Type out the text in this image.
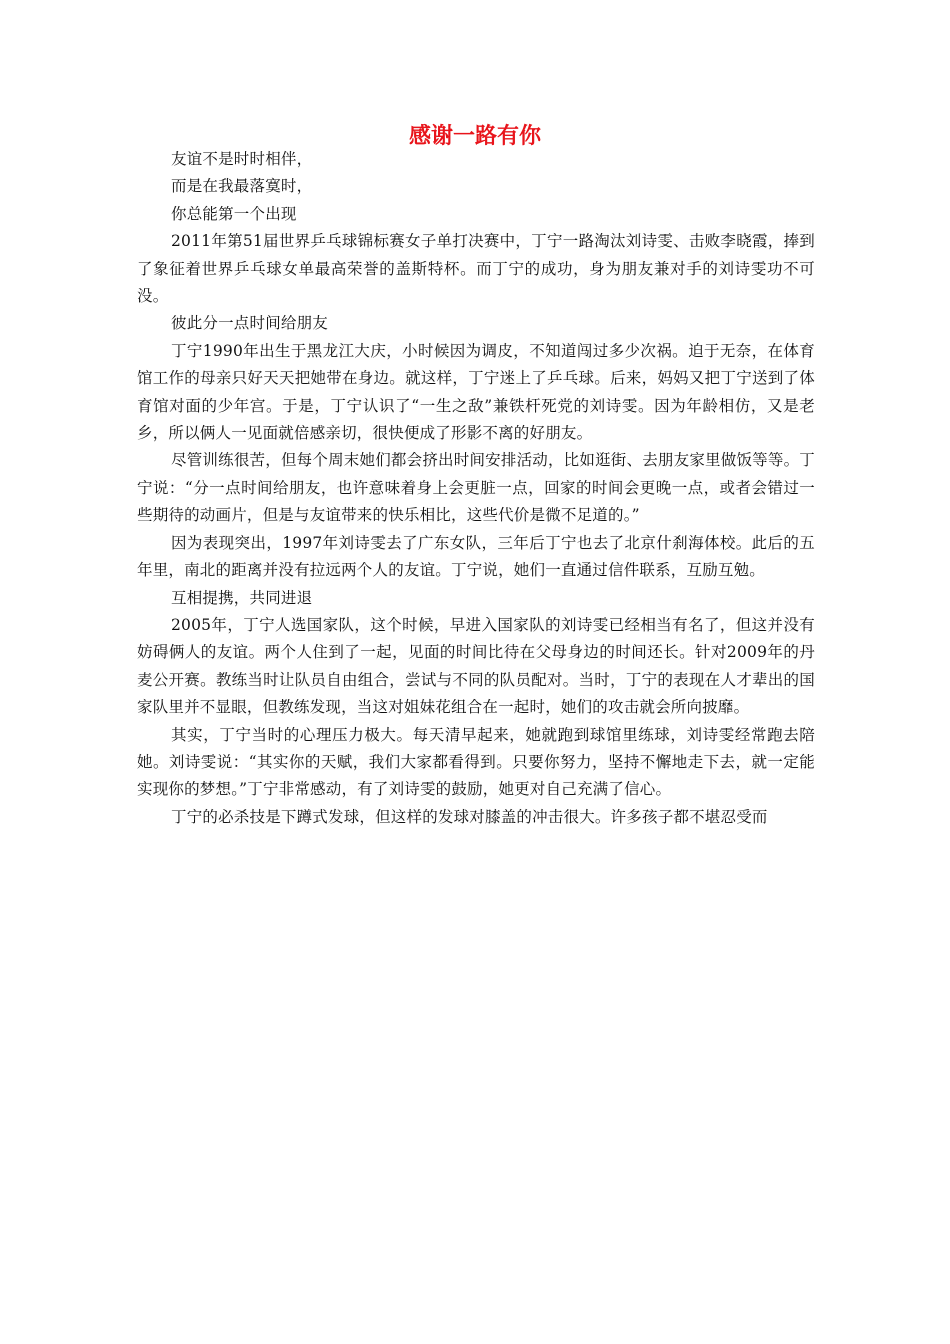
感谢一路有你

友谊不是时时相伴，

而是在我最落寞时，

你总能第一个出现

2011年第51届世界乒乓球锦标赛女子单打决赛中，丁宁一路淘汰刘诗雯、击败李晓霞，捧到了象征着世界乒乓球女单最高荣誉的盖斯特杯。而丁宁的成功，身为朋友兼对手的刘诗雯功不可没。

彼此分一点时间给朋友

丁宁1990年出生于黑龙江大庆，小时候因为调皮，不知道闯过多少次祸。迫于无奈，在体育馆工作的母亲只好天天把她带在身边。就这样，丁宁迷上了乒乓球。后来，妈妈又把丁宁送到了体育馆对面的少年宫。于是，丁宁认识了“一生之敌”兼铁杆死党的刘诗雯。因为年龄相仿，又是老乡，所以俩人一见面就倍感亲切，很快便成了形影不离的好朋友。

尽管训练很苦，但每个周末她们都会挤出时间安排活动，比如逛街、去朋友家里做饭等等。丁宁说：“分一点时间给朋友，也许意味着身上会更脏一点，回家的时间会更晚一点，或者会错过一些期待的动画片，但是与友谊带来的快乐相比，这些代价是微不足道的。”

因为表现突出，1997年刘诗雯去了广东女队，三年后丁宁也去了北京什刹海体校。此后的五年里，南北的距离并没有拉远两个人的友谊。丁宁说，她们一直通过信件联系，互励互勉。

互相提携，共同进退

2005年，丁宁人选国家队，这个时候，早进入国家队的刘诗雯已经相当有名了，但这并没有妨碍俩人的友谊。两个人住到了一起，见面的时间比待在父母身边的时间还长。针对2009年的丹麦公开赛。教练当时让队员自由组合，尝试与不同的队员配对。当时，丁宁的表现在人才辈出的国家队里并不显眼，但教练发现，当这对姐妹花组合在一起时，她们的攻击就会所向披靡。

其实，丁宁当时的心理压力极大。每天清早起来，她就跑到球馆里练球，刘诗雯经常跑去陪她。刘诗雯说：“其实你的天赋，我们大家都看得到。只要你努力，坚持不懈地走下去，就一定能实现你的梦想。”丁宁非常感动，有了刘诗雯的鼓励，她更对自己充满了信心。

丁宁的必杀技是下蹲式发球，但这样的发球对膝盖的冲击很大。许多孩子都不堪忍受而
